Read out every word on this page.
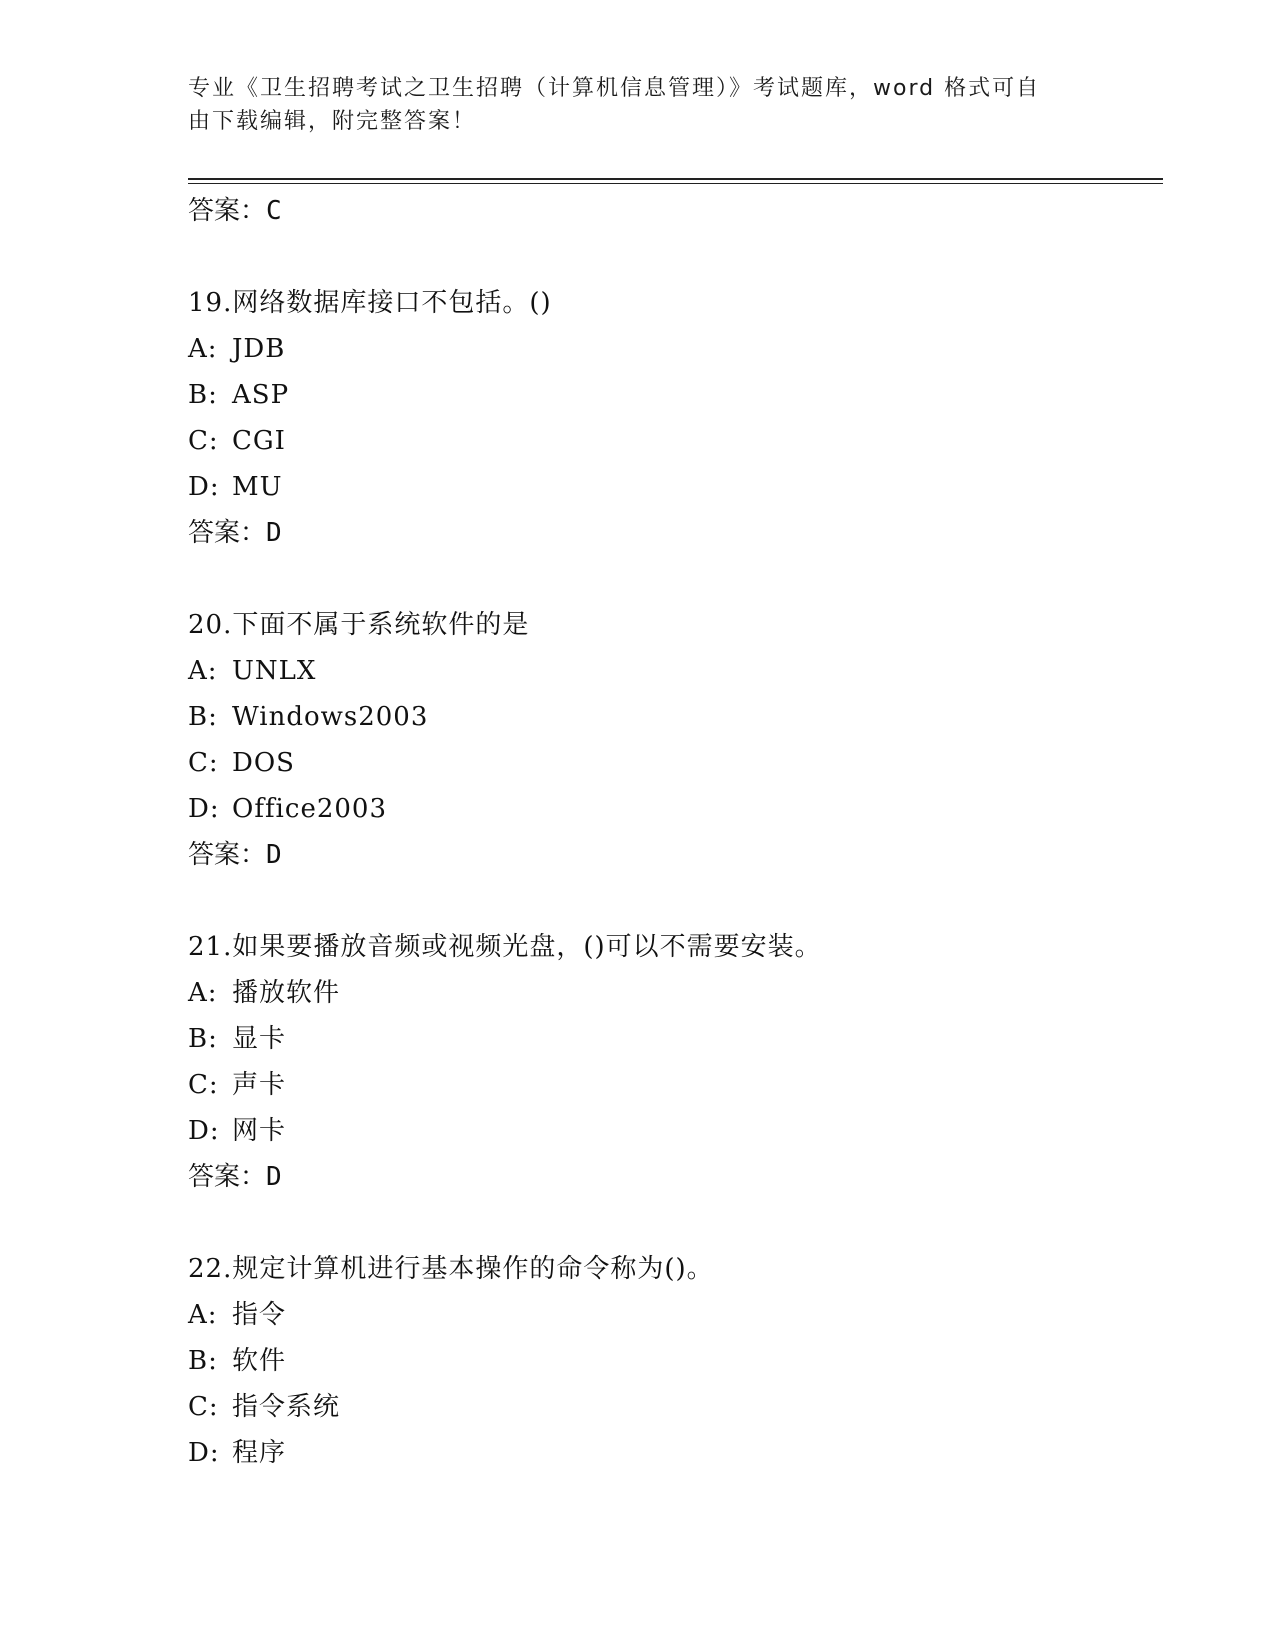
专业《卫生招聘考试之卫生招聘（计算机信息管理）》考试题库，word 格式可自
由下载编辑，附完整答案！
答案：C
19.网络数据库接口不包括。()
A: JDB
B: ASP
C: CGI
D: MU
答案：D
20.下面不属于系统软件的是
A: UNLX
B: Windows2003
C: DOS
D: Office2003
答案：D
21.如果要播放音频或视频光盘，()可以不需要安装。
A: 播放软件
B: 显卡
C: 声卡
D: 网卡
答案：D
22.规定计算机进行基本操作的命令称为()。
A: 指令
B: 软件
C: 指令系统
D: 程序
